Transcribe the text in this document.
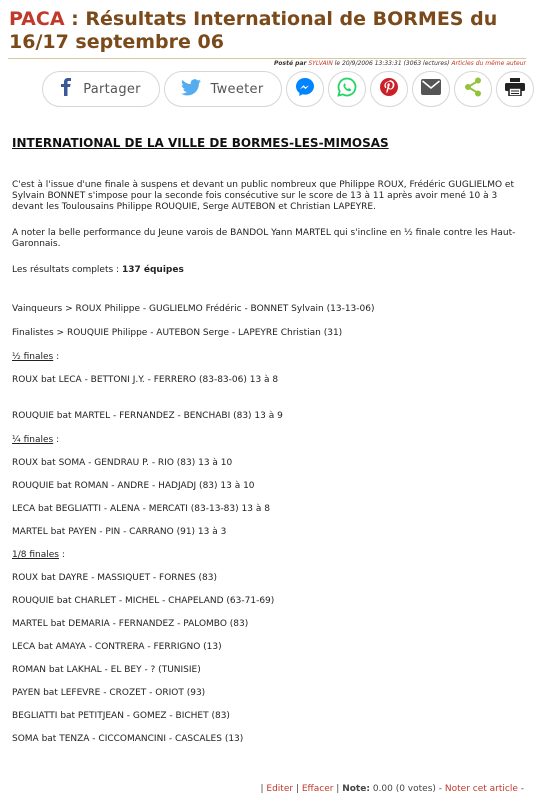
PACA : Résultats International de BORMES du 16/17 septembre 06
Posté par SYLVAIN le 20/9/2006 13:33:31 (3063 lectures) Articles du même auteur
Partager	Tweeter
INTERNATIONAL DE LA VILLE DE BORMES-LES-MIMOSAS

C'est à l'issue d'une finale à suspens et devant un public nombreux que Philippe ROUX, Frédéric GUGLIELMO et Sylvain BONNET s'impose pour la seconde fois consécutive sur le score de 13 à 11 après avoir mené 10 à 3 devant les Toulousains Philippe ROUQUIE, Serge AUTEBON et Christian LAPEYRE.

A noter la belle performance du Jeune varois de BANDOL Yann MARTEL qui s'incline en ½ finale contre les Haut-Garonnais.

Les résultats complets : 137 équipes

Vainqueurs > ROUX Philippe - GUGLIELMO Frédéric - BONNET Sylvain (13-13-06)

Finalistes > ROUQUIE Philippe - AUTEBON Serge - LAPEYRE Christian (31)

½ finales :

ROUX bat LECA - BETTONI J.Y. - FERRERO (83-83-06) 13 à 8

ROUQUIE bat MARTEL - FERNANDEZ - BENCHABI (83) 13 à 9

¼ finales :

ROUX bat SOMA - GENDRAU P. - RIO (83) 13 à 10

ROUQUIE bat ROMAN - ANDRE - HADJADJ (83) 13 à 10

LECA bat BEGLIATTI - ALENA - MERCATI (83-13-83) 13 à 8

MARTEL bat PAYEN - PIN - CARRANO (91) 13 à 3

1/8 finales :

ROUX bat DAYRE - MASSIQUET - FORNES (83)

ROUQUIE bat CHARLET - MICHEL - CHAPELAND (63-71-69)

MARTEL bat DEMARIA - FERNANDEZ - PALOMBO (83)

LECA bat AMAYA - CONTRERA - FERRIGNO (13)

ROMAN bat LAKHAL - EL BEY - ? (TUNISIE)

PAYEN bat LEFEVRE - CROZET - ORIOT (93)

BEGLIATTI bat PETITJEAN - GOMEZ - BICHET (83)

SOMA bat TENZA - CICCOMANCINI - CASCALES (13)

| Editer | Effacer | Note: 0.00 (0 votes) - Noter cet article -
